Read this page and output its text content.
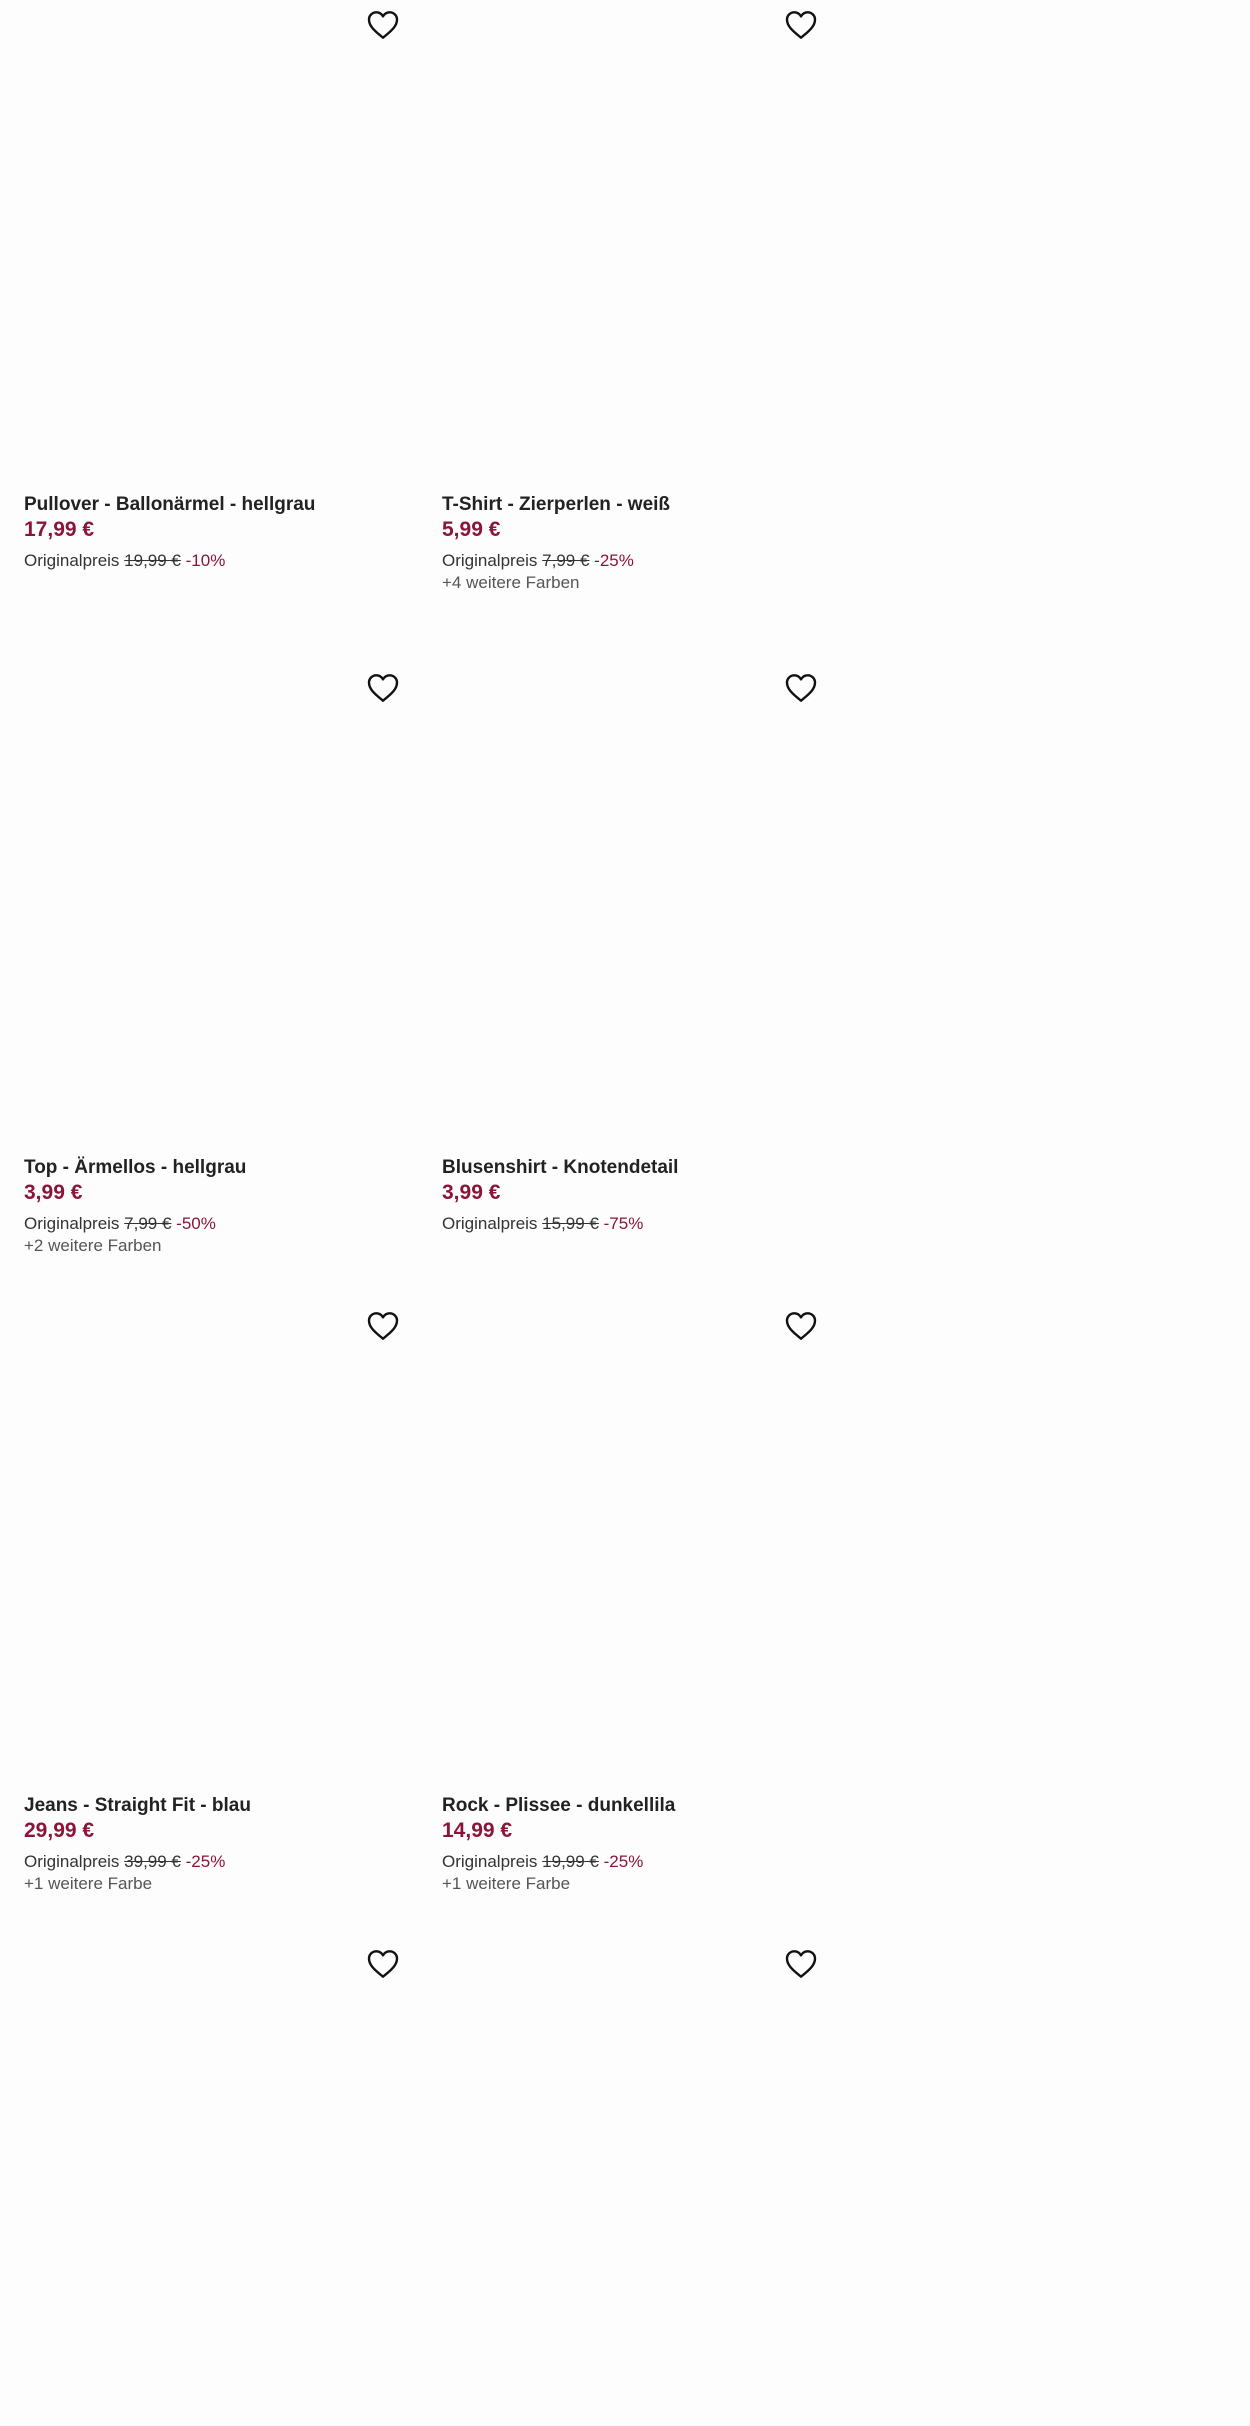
Pullover - Ballonärmel - hellgrau
17,99 €
Originalpreis 19,99 € -10%
T-Shirt - Zierperlen - weiß
5,99 €
Originalpreis 7,99 € -25%
+4 weitere Farben
Top - Ärmellos - hellgrau
3,99 €
Originalpreis 7,99 € -50%
+2 weitere Farben
Blusenshirt - Knotendetail
3,99 €
Originalpreis 15,99 € -75%
Jeans - Straight Fit - blau
29,99 €
Originalpreis 39,99 € -25%
+1 weitere Farbe
Rock - Plissee - dunkellila
14,99 €
Originalpreis 19,99 € -25%
+1 weitere Farbe
